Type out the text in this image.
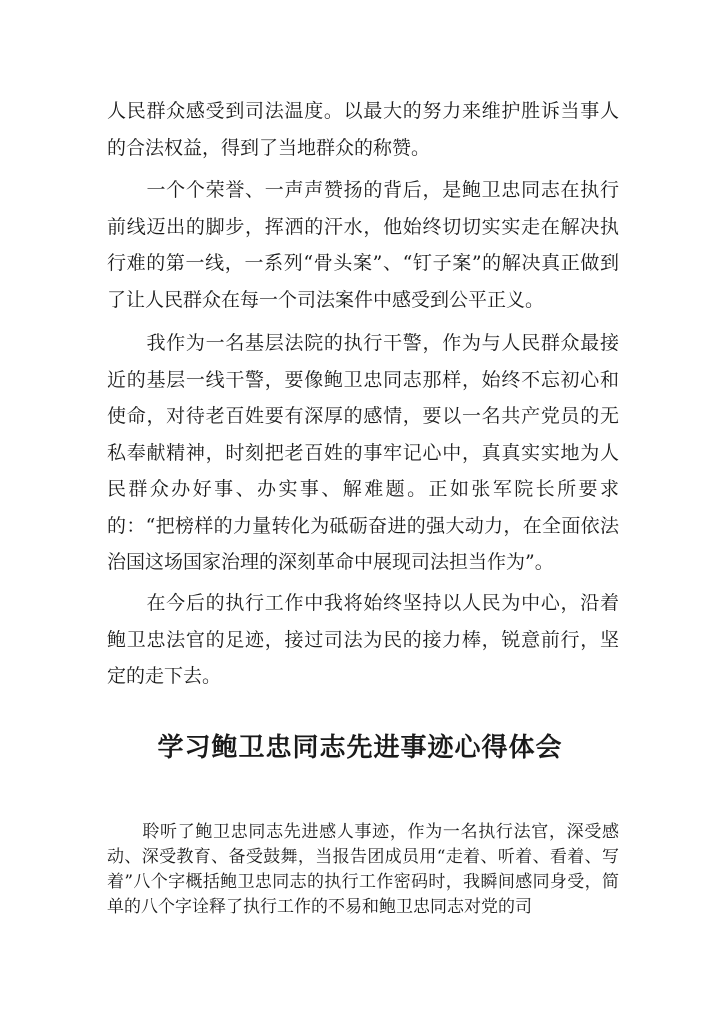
人民群众感受到司法温度。以最大的努力来维护胜诉当事人的合法权益，得到了当地群众的称赞。

　　一个个荣誉、一声声赞扬的背后，是鲍卫忠同志在执行前线迈出的脚步，挥洒的汗水，他始终切切实实走在解决执行难的第一线，一系列“骨头案”、“钉子案”的解决真正做到了让人民群众在每一个司法案件中感受到公平正义。

　　我作为一名基层法院的执行干警，作为与人民群众最接近的基层一线干警，要像鲍卫忠同志那样，始终不忘初心和使命，对待老百姓要有深厚的感情，要以一名共产党员的无私奉献精神，时刻把老百姓的事牢记心中，真真实实地为人民群众办好事、办实事、解难题。正如张军院长所要求的：“把榜样的力量转化为砥砺奋进的强大动力，在全面依法治国这场国家治理的深刻革命中展现司法担当作为”。

　　在今后的执行工作中我将始终坚持以人民为中心，沿着鲍卫忠法官的足迹，接过司法为民的接力棒，锐意前行，坚定的走下去。

学习鲍卫忠同志先进事迹心得体会

　　聆听了鲍卫忠同志先进感人事迹，作为一名执行法官，深受感动、深受教育、备受鼓舞，当报告团成员用“走着、听着、看着、写着”八个字概括鲍卫忠同志的执行工作密码时，我瞬间感同身受，简单的八个字诠释了执行工作的不易和鲍卫忠同志对党的司
